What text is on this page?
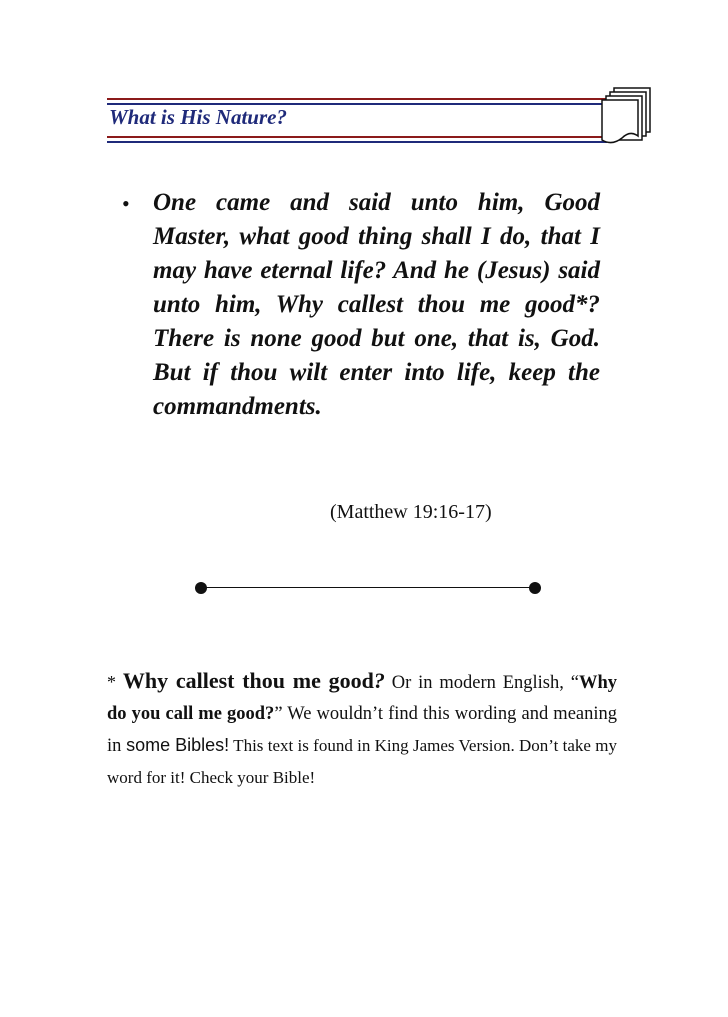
What is His Nature?
• One came and said unto him, Good Master, what good thing shall I do, that I may have eternal life? And he (Jesus) said unto him, Why callest thou me good*? There is none good but one, that is, God. But if thou wilt enter into life, keep the commandments.
(Matthew 19:16-17)
* Why callest thou me good? Or in modern English, “Why do you call me good?” We wouldn’t find this wording and meaning in some Bibles! This text is found in King James Version. Don’t take my word for it! Check your Bible!
